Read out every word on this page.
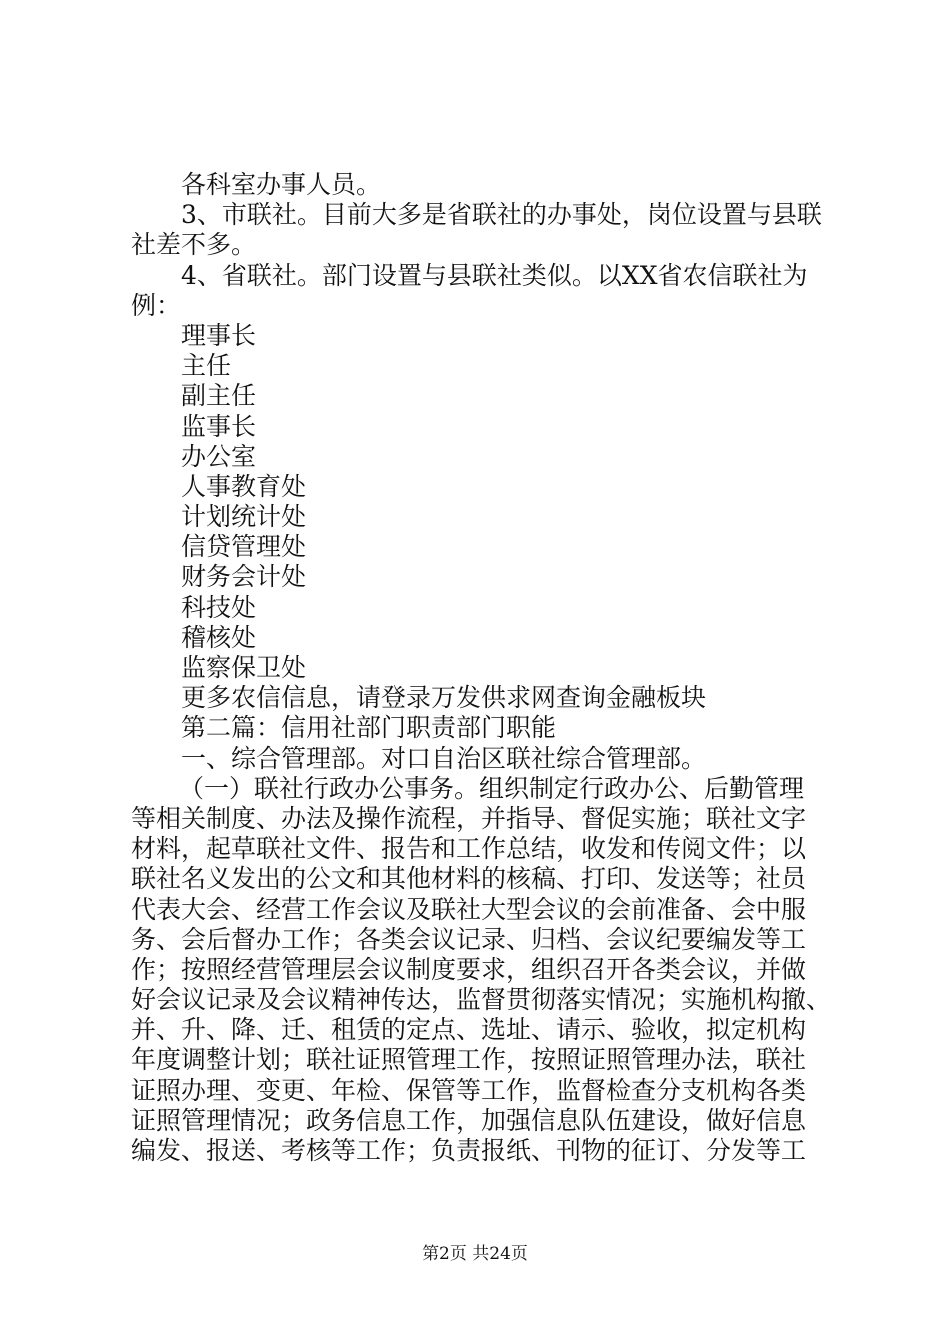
各科室办事人员。
3、市联社。目前大多是省联社的办事处，岗位设置与县联
社差不多。
4、省联社。部门设置与县联社类似。以XX省农信联社为
例：
理事长
主任
副主任
监事长
办公室
人事教育处
计划统计处
信贷管理处
财务会计处
科技处
稽核处
监察保卫处
更多农信信息，请登录万发供求网查询金融板块
第二篇：信用社部门职责部门职能
一、综合管理部。对口自治区联社综合管理部。
（一）联社行政办公事务。组织制定行政办公、后勤管理
等相关制度、办法及操作流程，并指导、督促实施；联社文字
材料，起草联社文件、报告和工作总结，收发和传阅文件；以
联社名义发出的公文和其他材料的核稿、打印、发送等；社员
代表大会、经营工作会议及联社大型会议的会前准备、会中服
务、会后督办工作；各类会议记录、归档、会议纪要编发等工
作；按照经营管理层会议制度要求，组织召开各类会议，并做
好会议记录及会议精神传达，监督贯彻落实情况；实施机构撤、
并、升、降、迁、租赁的定点、选址、请示、验收，拟定机构
年度调整计划；联社证照管理工作，按照证照管理办法，联社
证照办理、变更、年检、保管等工作，监督检查分支机构各类
证照管理情况；政务信息工作，加强信息队伍建设，做好信息
编发、报送、考核等工作；负责报纸、刊物的征订、分发等工
第2页 共24页
